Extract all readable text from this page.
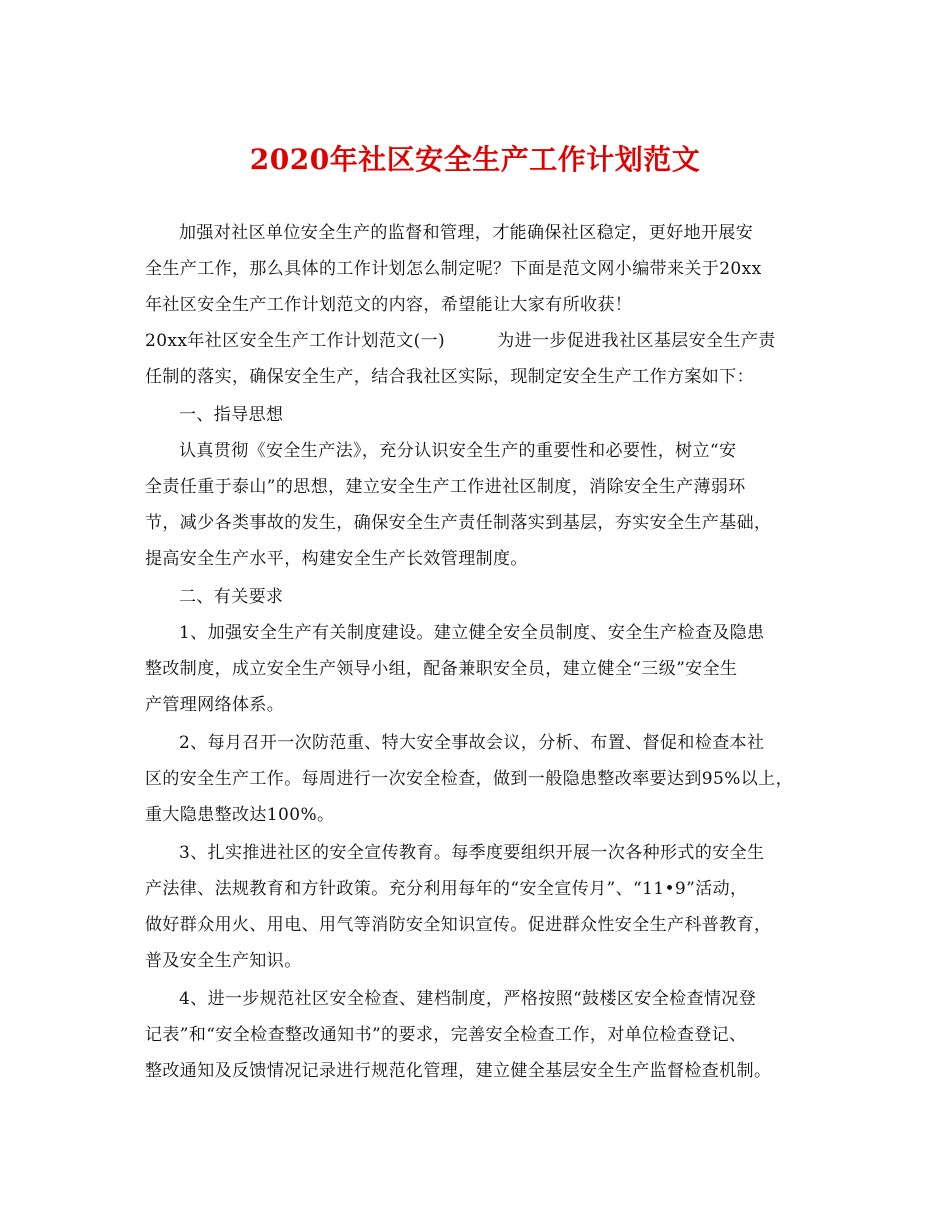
2020年社区安全生产工作计划范文
加强对社区单位安全生产的监督和管理，才能确保社区稳定，更好地开展安
全生产工作，那么具体的工作计划怎么制定呢？下面是范文网小编带来关于20xx
年社区安全生产工作计划范文的内容，希望能让大家有所收获！
20xx年社区安全生产工作计划范文(一)　　　为进一步促进我社区基层安全生产责
任制的落实，确保安全生产，结合我社区实际，现制定安全生产工作方案如下：
一、指导思想
认真贯彻《安全生产法》，充分认识安全生产的重要性和必要性，树立“安
全责任重于泰山”的思想，建立安全生产工作进社区制度，消除安全生产薄弱环
节，减少各类事故的发生，确保安全生产责任制落实到基层，夯实安全生产基础，
提高安全生产水平，构建安全生产长效管理制度。
二、有关要求
1、加强安全生产有关制度建设。建立健全安全员制度、安全生产检查及隐患
整改制度，成立安全生产领导小组，配备兼职安全员，建立健全“三级”安全生
产管理网络体系。
2、每月召开一次防范重、特大安全事故会议，分析、布置、督促和检查本社
区的安全生产工作。每周进行一次安全检查，做到一般隐患整改率要达到95%以上，
重大隐患整改达100%。
3、扎实推进社区的安全宣传教育。每季度要组织开展一次各种形式的安全生
产法律、法规教育和方针政策。充分利用每年的“安全宣传月”、“11•9”活动，
做好群众用火、用电、用气等消防安全知识宣传。促进群众性安全生产科普教育，
普及安全生产知识。
4、进一步规范社区安全检查、建档制度，严格按照“鼓楼区安全检查情况登
记表”和“安全检查整改通知书”的要求，完善安全检查工作，对单位检查登记、
整改通知及反馈情况记录进行规范化管理，建立健全基层安全生产监督检查机制。
